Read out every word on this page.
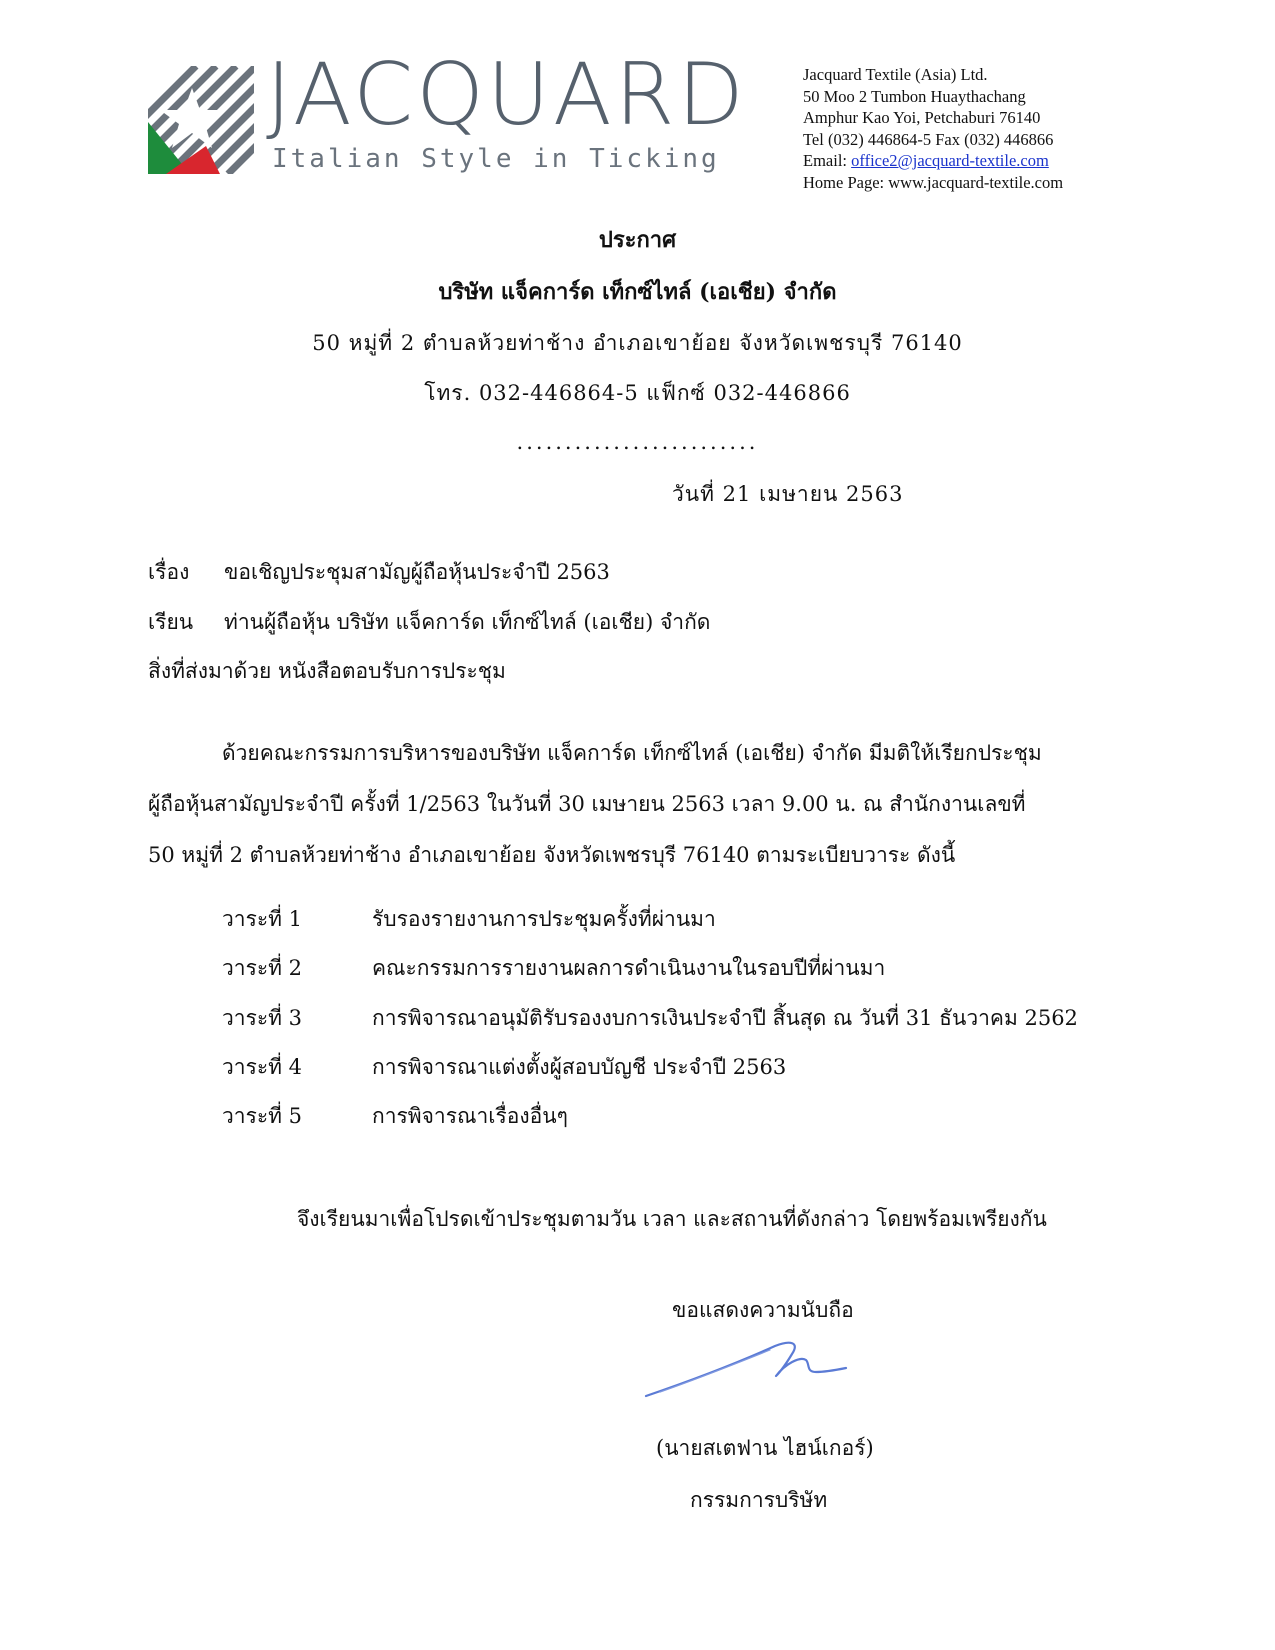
JACQUARD
Italian Style in Ticking
Jacquard Textile (Asia) Ltd.
50 Moo 2 Tumbon Huaythachang
Amphur Kao Yoi, Petchaburi 76140
Tel (032) 446864-5 Fax (032) 446866
Email: office2@jacquard-textile.com
Home Page: www.jacquard-textile.com
ประกาศ
บริษัท แจ็คการ์ด เท็กซ์ไทล์ (เอเชีย) จำกัด
50 หมู่ที่ 2 ตำบลห้วยท่าช้าง อำเภอเขาย้อย จังหวัดเพชรบุรี 76140
โทร. 032-446864-5 แฟ็กซ์ 032-446866
.........................
วันที่ 21 เมษายน 2563
เรื่อง ขอเชิญประชุมสามัญผู้ถือหุ้นประจำปี 2563
เรียน ท่านผู้ถือหุ้น บริษัท แจ็คการ์ด เท็กซ์ไทล์ (เอเชีย) จำกัด
สิ่งที่ส่งมาด้วย หนังสือตอบรับการประชุม

ด้วยคณะกรรมการบริหารของบริษัท แจ็คการ์ด เท็กซ์ไทล์ (เอเชีย) จำกัด มีมติให้เรียกประชุม

ผู้ถือหุ้นสามัญประจำปี ครั้งที่ 1/2563 ในวันที่ 30 เมษายน 2563 เวลา 9.00 น. ณ สำนักงานเลขที่

50 หมู่ที่ 2 ตำบลห้วยท่าช้าง อำเภอเขาย้อย จังหวัดเพชรบุรี 76140 ตามระเบียบวาระ ดังนี้

วาระที่ 1	รับรองรายงานการประชุมครั้งที่ผ่านมา
วาระที่ 2	คณะกรรมการรายงานผลการดำเนินงานในรอบปีที่ผ่านมา
วาระที่ 3	การพิจารณาอนุมัติรับรองงบการเงินประจำปี สิ้นสุด ณ วันที่ 31 ธันวาคม 2562
วาระที่ 4	การพิจารณาแต่งตั้งผู้สอบบัญชี ประจำปี 2563
วาระที่ 5	การพิจารณาเรื่องอื่นๆ
จึงเรียนมาเพื่อโปรดเข้าประชุมตามวัน เวลา และสถานที่ดังกล่าว โดยพร้อมเพรียงกัน
ขอแสดงความนับถือ
(นายสเตฟาน ไฮน์เกอร์)
กรรมการบริษัท
